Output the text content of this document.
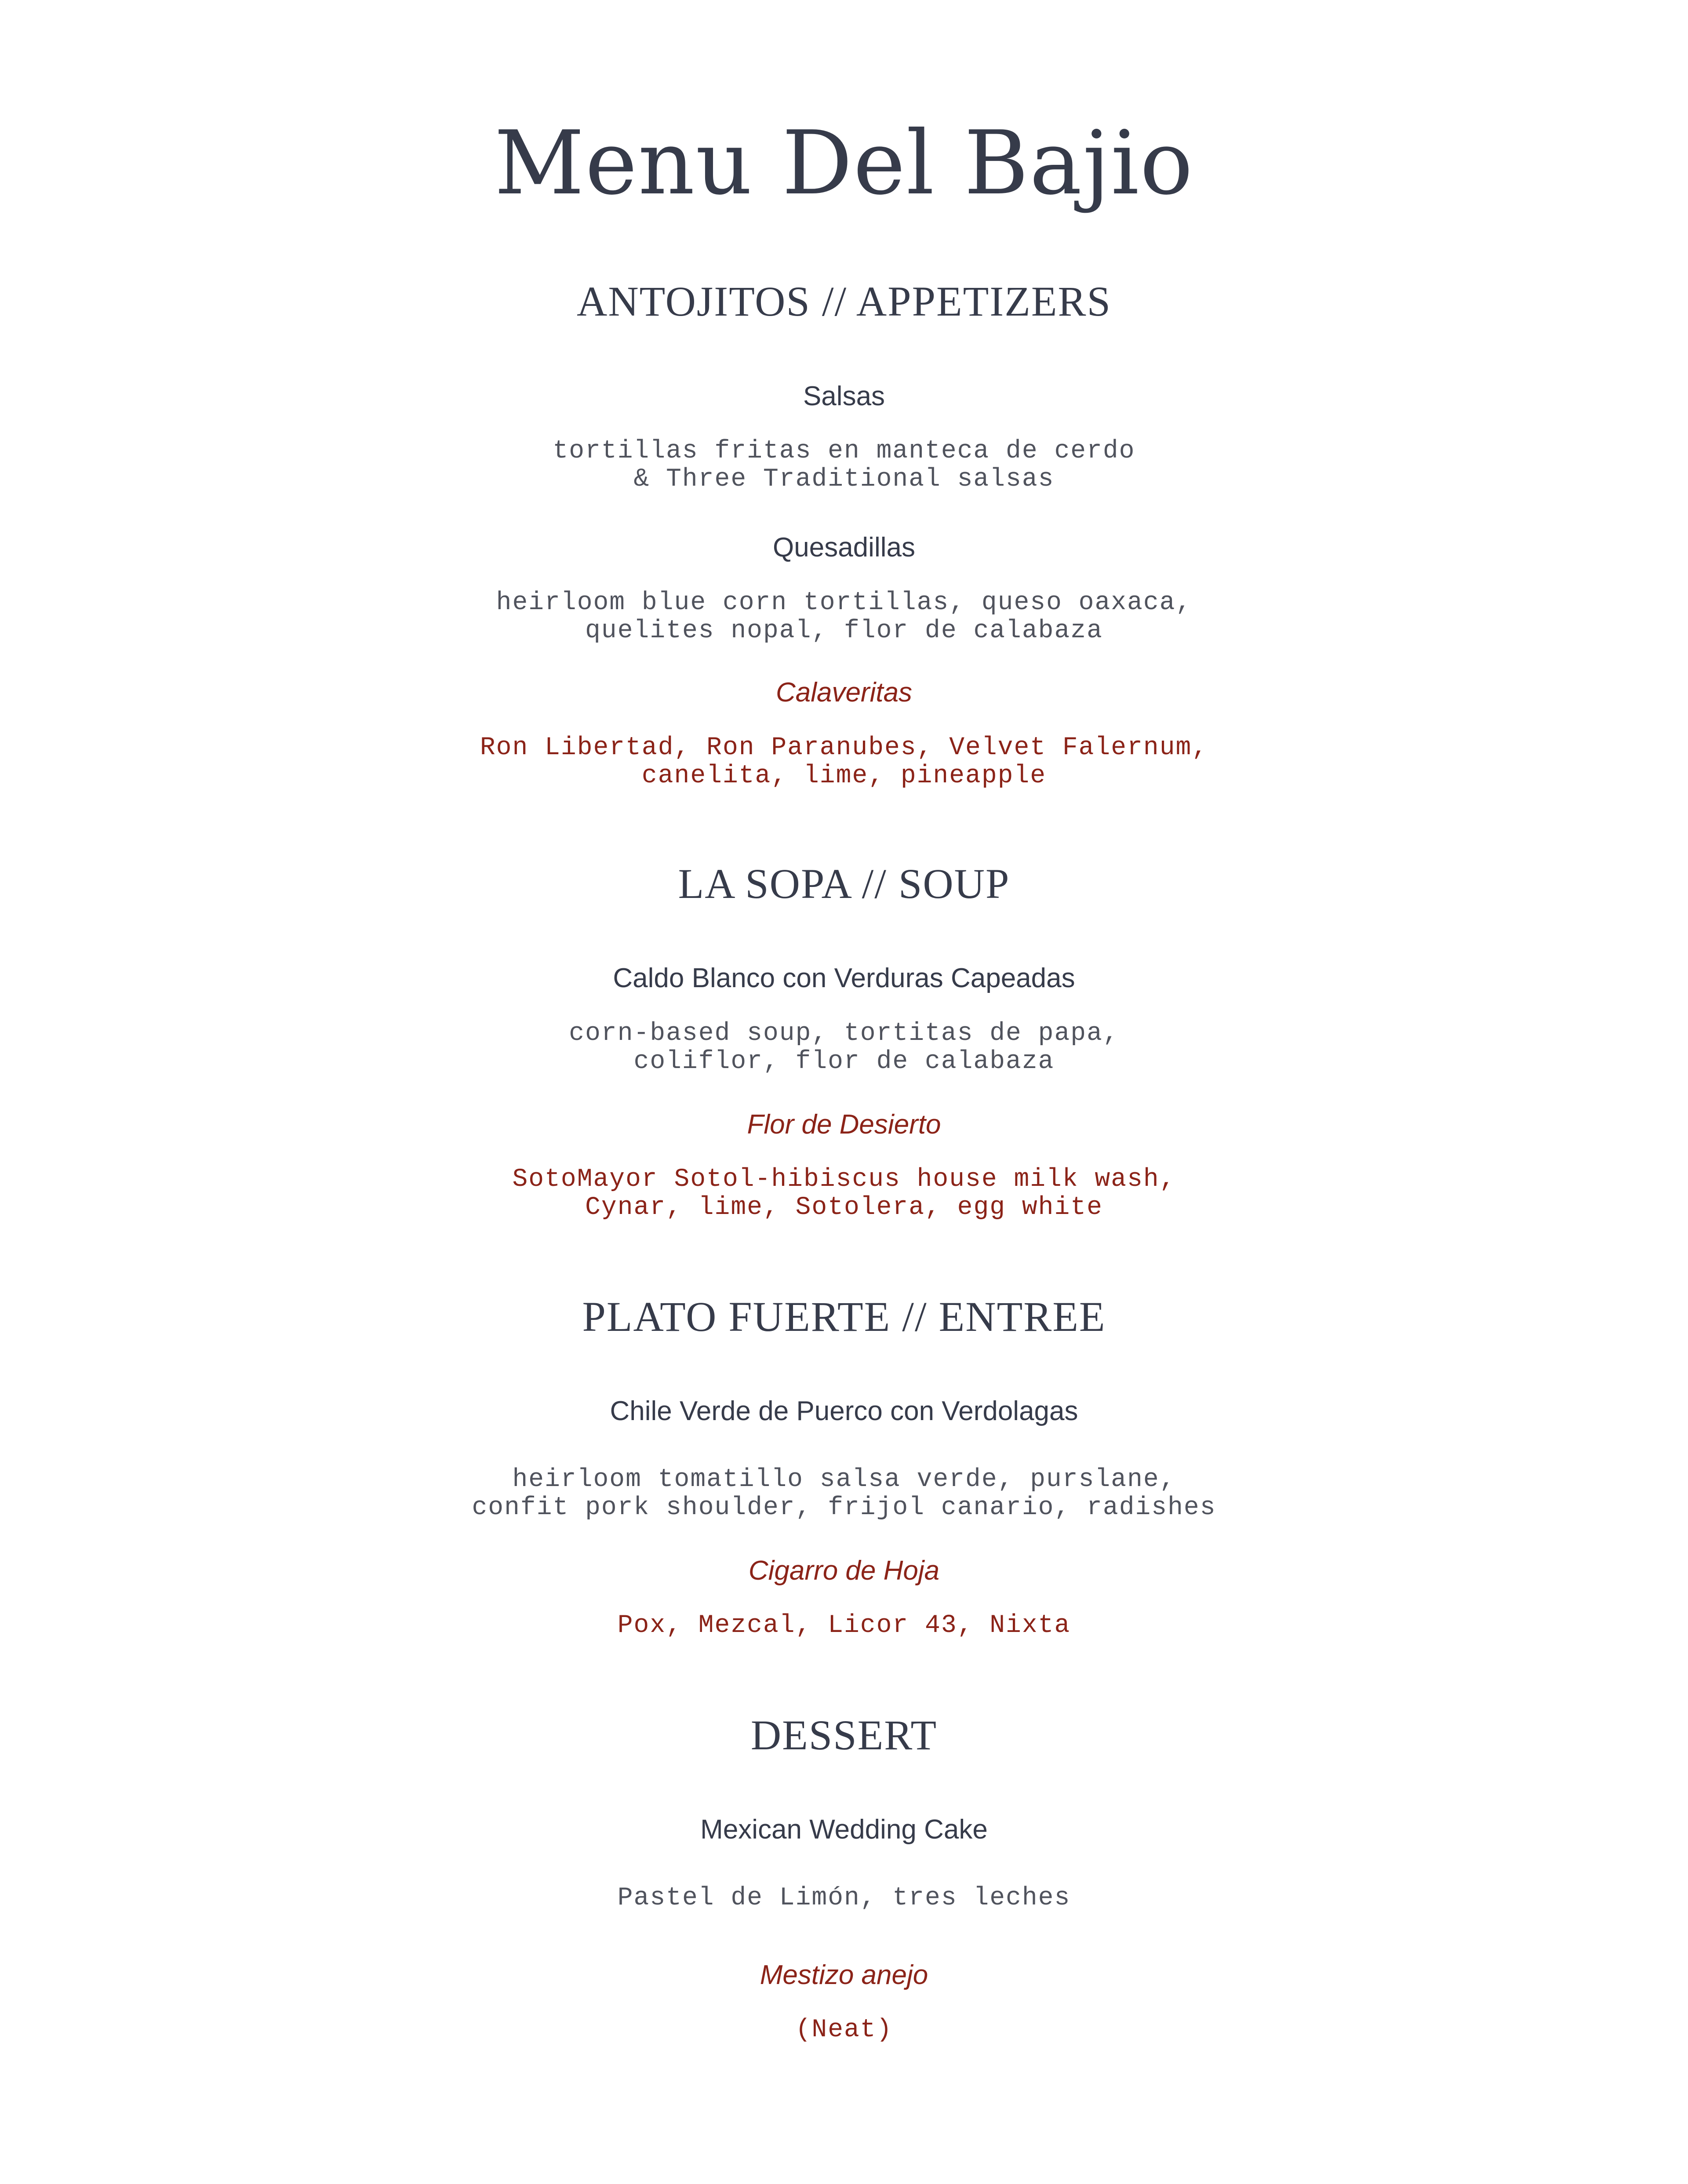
Menu Del Bajio
ANTOJITOS // APPETIZERS
Salsas
tortillas fritas en manteca de cerdo
& Three Traditional salsas
Quesadillas
heirloom blue corn tortillas, queso oaxaca,
quelites nopal, flor de calabaza
Calaveritas
Ron Libertad, Ron Paranubes, Velvet Falernum,
canelita, lime, pineapple
LA SOPA // SOUP
Caldo Blanco con Verduras Capeadas
corn-based soup, tortitas de papa,
coliflor, flor de calabaza
Flor de Desierto
SotoMayor Sotol-hibiscus house milk wash,
Cynar, lime, Sotolera, egg white
PLATO FUERTE // ENTREE
Chile Verde de Puerco con Verdolagas
heirloom tomatillo salsa verde, purslane,
confit pork shoulder, frijol canario, radishes
Cigarro de Hoja
Pox, Mezcal, Licor 43, Nixta
DESSERT
Mexican Wedding Cake
Pastel de Limón, tres leches
Mestizo anejo
(Neat)
